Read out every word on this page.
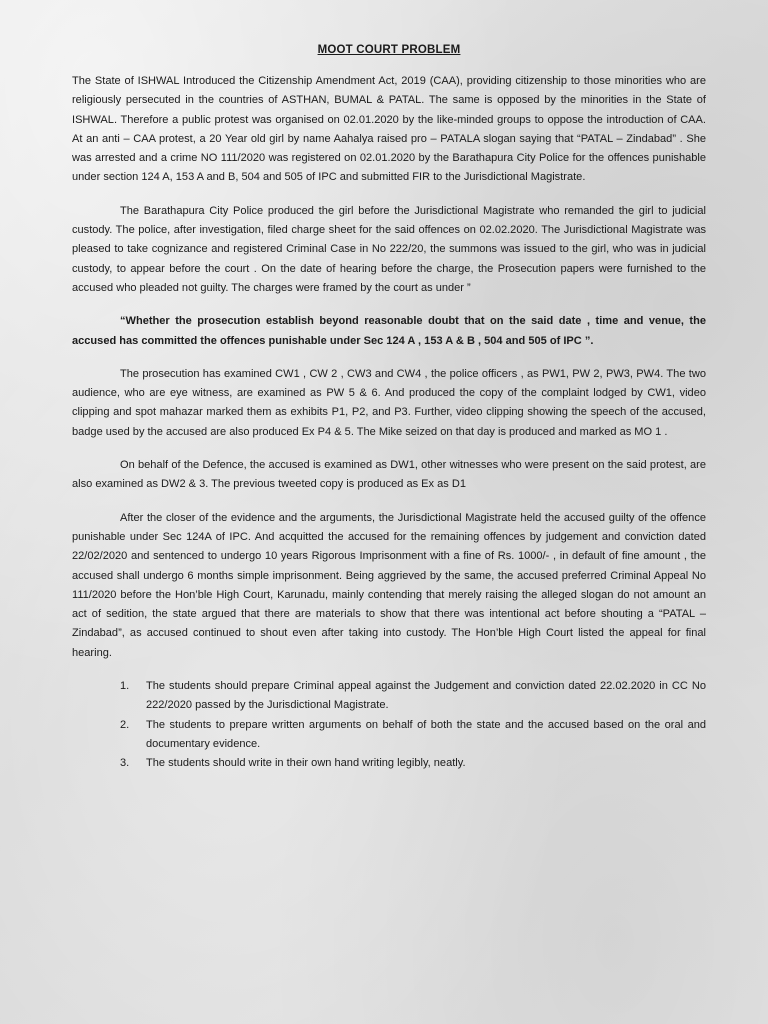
MOOT COURT PROBLEM

The State of ISHWAL Introduced the Citizenship Amendment Act, 2019 (CAA), providing citizenship to those minorities who are religiously persecuted in the countries of ASTHAN, BUMAL & PATAL. The same is opposed by the minorities in the State of ISHWAL. Therefore a public protest was organised on 02.01.2020 by the like-minded groups to oppose the introduction of CAA. At an anti – CAA protest, a 20 Year old girl by name Aahalya raised pro – PATALA slogan saying that “PATAL – Zindabad” . She was arrested and a crime NO 111/2020 was registered on 02.01.2020 by the Barathapura City Police for the offences punishable under section 124 A, 153 A and B, 504 and 505 of IPC and submitted FIR to the Jurisdictional Magistrate.

The Barathapura City Police produced the girl before the Jurisdictional Magistrate who remanded the girl to judicial custody. The police, after investigation, filed charge sheet for the said offences on 02.02.2020. The Jurisdictional Magistrate was pleased to take cognizance and registered Criminal Case in No 222/20, the summons was issued to the girl, who was in judicial custody, to appear before the court . On the date of hearing before the charge, the Prosecution papers were furnished to the accused who pleaded not guilty. The charges were framed by the court as under ”

“Whether the prosecution establish beyond reasonable doubt that on the said date , time and venue, the accused has committed the offences punishable under Sec 124 A , 153 A & B , 504 and 505 of IPC ”.

The prosecution has examined CW1 , CW 2 , CW3 and CW4 , the police officers , as PW1, PW 2, PW3, PW4. The two audience, who are eye witness, are examined as PW 5 & 6. And produced the copy of the complaint lodged by CW1, video clipping and spot mahazar marked them as exhibits P1, P2, and P3. Further, video clipping showing the speech of the accused, badge used by the accused are also produced Ex P4 & 5. The Mike seized on that day is produced and marked as MO 1 .

On behalf of the Defence, the accused is examined as DW1, other witnesses who were present on the said protest, are also examined as DW2 & 3. The previous tweeted copy is produced as Ex as D1

After the closer of the evidence and the arguments, the Jurisdictional Magistrate held the accused guilty of the offence punishable under Sec 124A of IPC. And acquitted the accused for the remaining offences by judgement and conviction dated 22/02/2020 and sentenced to undergo 10 years Rigorous Imprisonment with a fine of Rs. 1000/- , in default of fine amount , the accused shall undergo 6 months simple imprisonment. Being aggrieved by the same, the accused preferred Criminal Appeal No 111/2020 before the Hon’ble High Court, Karunadu, mainly contending that merely raising the alleged slogan do not amount an act of sedition, the state argued that there are materials to show that there was intentional act before shouting a “PATAL – Zindabad”, as accused continued to shout even after taking into custody. The Hon’ble High Court listed the appeal for final hearing.

1. The students should prepare Criminal appeal against the Judgement and conviction dated 22.02.2020 in CC No 222/2020 passed by the Jurisdictional Magistrate.
2. The students to prepare written arguments on behalf of both the state and the accused based on the oral and documentary evidence.
3. The students should write in their own hand writing legibly, neatly.
